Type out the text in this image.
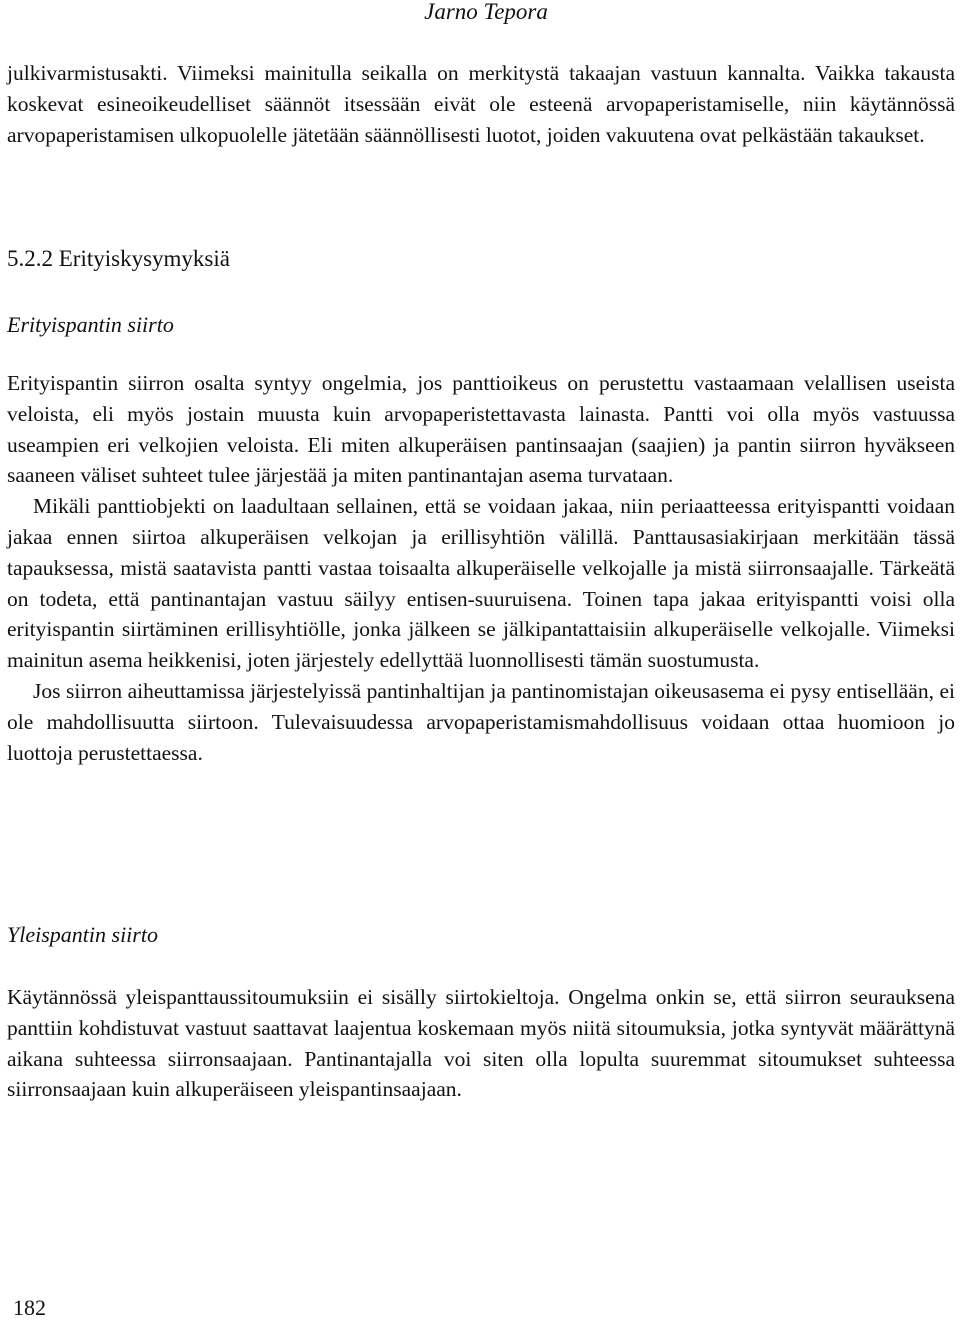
Jarno Tepora

julkivarmistusakti. Viimeksi mainitulla seikalla on merkitystä takaajan vastuun kannalta. Vaikka takausta koskevat esineoikeudelliset säännöt itsessään eivät ole esteenä arvopaperistamiselle, niin käytännössä arvopaperistamisen ulkopuolelle jätetään säännöllisesti luotot, joiden vakuutena ovat pelkästään takaukset.

5.2.2 Erityiskysymyksiä
Erityispantin siirto

Erityispantin siirron osalta syntyy ongelmia, jos panttioikeus on perustettu vastaamaan velallisen useista veloista, eli myös jostain muusta kuin arvopaperistettavasta lainasta. Pantti voi olla myös vastuussa useampien eri velkojien veloista. Eli miten alkuperäisen pantinsaajan (saajien) ja pantin siirron hyväkseen saaneen väliset suhteet tulee järjestää ja miten pantinantajan asema turvataan.

Mikäli panttiobjekti on laadultaan sellainen, että se voidaan jakaa, niin periaatteessa erityispantti voidaan jakaa ennen siirtoa alkuperäisen velkojan ja erillisyhtiön välillä. Panttausasiakirjaan merkitään tässä tapauksessa, mistä saatavista pantti vastaa toisaalta alkuperäiselle velkojalle ja mistä siirronsaajalle. Tärkeätä on todeta, että pantinantajan vastuu säilyy entisen-suuruisena. Toinen tapa jakaa erityispantti voisi olla erityispantin siirtäminen erillisyhtiölle, jonka jälkeen se jälkipantattaisiin alkuperäiselle velkojalle. Viimeksi mainitun asema heikkenisi, joten järjestely edellyttää luonnollisesti tämän suostumusta.

Jos siirron aiheuttamissa järjestelyissä pantinhaltijan ja pantinomistajan oikeusasema ei pysy entisellään, ei ole mahdollisuutta siirtoon. Tulevaisuudessa arvopaperistamismahdollisuus voidaan ottaa huomioon jo luottoja perustettaessa.

Yleispantin siirto

Käytännössä yleispanttaussitoumuksiin ei sisälly siirtokieltoja. Ongelma onkin se, että siirron seurauksena panttiin kohdistuvat vastuut saattavat laajentua koskemaan myös niitä sitoumuksia, jotka syntyvät määrättynä aikana suhteessa siirronsaajaan. Pantinantajalla voi siten olla lopulta suuremmat sitoumukset suhteessa siirronsaajaan kuin alkuperäiseen yleispantinsaajaan.

182
